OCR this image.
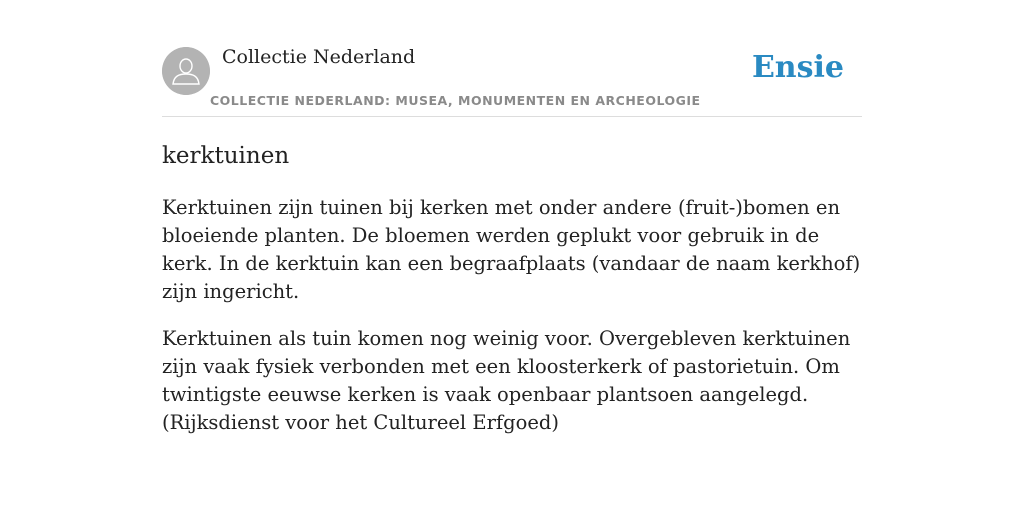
Collectie Nederland
COLLECTIE NEDERLAND: MUSEA, MONUMENTEN EN ARCHEOLOGIE
Ensie
kerktuinen

Kerktuinen zijn tuinen bij kerken met onder andere (fruit-)bomen en bloeiende planten. De bloemen werden geplukt voor gebruik in de kerk. In de kerktuin kan een begraafplaats (vandaar de naam kerkhof) zijn ingericht.

Kerktuinen als tuin komen nog weinig voor. Overgebleven kerktuinen zijn vaak fysiek verbonden met een kloosterkerk of pastorietuin. Om twintigste eeuwse kerken is vaak openbaar plantsoen aangelegd. (Rijksdienst voor het Cultureel Erfgoed)
